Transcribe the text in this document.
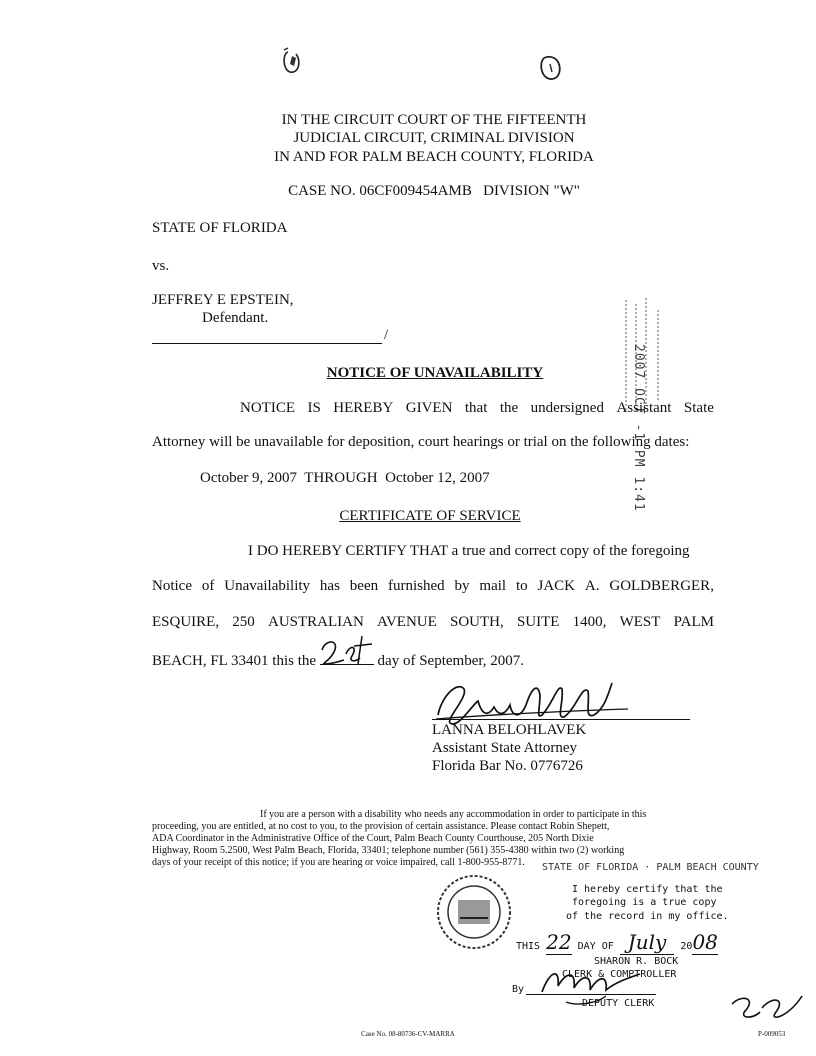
IN THE CIRCUIT COURT OF THE FIFTEENTH
JUDICIAL CIRCUIT, CRIMINAL DIVISION
IN AND FOR PALM BEACH COUNTY, FLORIDA
CASE NO. 06CF009454AMB   DIVISION "W"
STATE OF FLORIDA
vs.
JEFFREY E EPSTEIN,
Defendant.
/
2007 OCT -1 PM 1:41
NOTICE OF UNAVAILABILITY
NOTICE IS HEREBY GIVEN that the undersigned Assistant State
Attorney will be unavailable for deposition, court hearings or trial on the following dates:
October 9, 2007  THROUGH  October 12, 2007
CERTIFICATE OF SERVICE
I DO HEREBY CERTIFY THAT a true and correct copy of the foregoing
Notice of Unavailability has been furnished by mail to JACK A. GOLDBERGER,
ESQUIRE, 250 AUSTRALIAN AVENUE SOUTH, SUITE 1400, WEST PALM
BEACH, FL 33401 this the	day of September, 2007.
LANNA BELOHLAVEK
Assistant State Attorney
Florida Bar No. 0776726
If you are a person with a disability who needs any accommodation in order to participate in this
proceeding, you are entitled, at no cost to you, to the provision of certain assistance. Please contact Robin Shepett,
ADA Coordinator in the Administrative Office of the Court, Palm Beach County Courthouse, 205 North Dixie
Highway, Room 5.2500, West Palm Beach, Florida, 33401; telephone number (561) 355-4380 within two (2) working
days of your receipt of this notice; if you are hearing or voice impaired, call 1-800-955-8771. STATE OF FLORIDA · PALM BEACH COUNTY
I hereby certify that the
foregoing is a true copy
of the record in my office.
THIS 22 DAY OF July 2008
SHARON R. BOCK
CLERK & COMPTROLLER
By
DEPUTY CLERK
Case No. 08-80736-CV-MARRA	P-009053
